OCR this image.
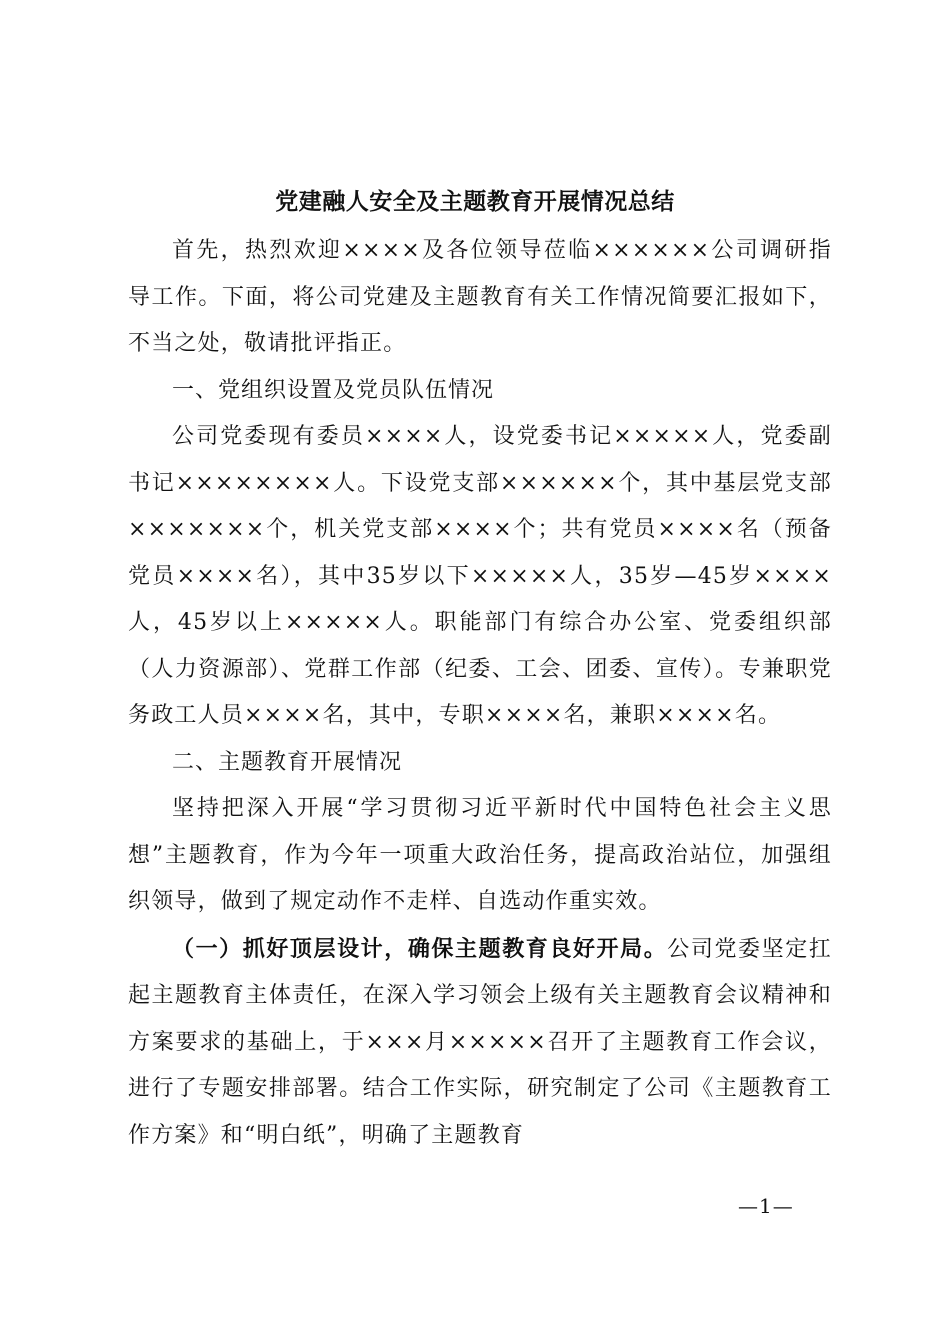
党建融人安全及主题教育开展情况总结

首先，热烈欢迎××××及各位领导莅临××××××公司调研指导工作。下面，将公司党建及主题教育有关工作情况简要汇报如下，不当之处，敬请批评指正。

一、党组织设置及党员队伍情况

公司党委现有委员××××人，设党委书记×××××人，党委副书记××××××××人。下设党支部××××××个，其中基层党支部×××××××个，机关党支部××××个；共有党员××××名（预备党员××××名），其中35岁以下×××××人，35岁—45岁××××人，45岁以上×××××人。职能部门有综合办公室、党委组织部（人力资源部）、党群工作部（纪委、工会、团委、宣传）。专兼职党务政工人员××××名，其中，专职××××名，兼职××××名。

二、主题教育开展情况

坚持把深入开展“学习贯彻习近平新时代中国特色社会主义思想”主题教育，作为今年一项重大政治任务，提高政治站位，加强组织领导，做到了规定动作不走样、自选动作重实效。

（一）抓好顶层设计，确保主题教育良好开局。公司党委坚定扛起主题教育主体责任，在深入学习领会上级有关主题教育会议精神和方案要求的基础上，于×××月×××××召开了主题教育工作会议，进行了专题安排部署。结合工作实际，研究制定了公司《主题教育工作方案》和“明白纸”，明确了主题教育

—1—
